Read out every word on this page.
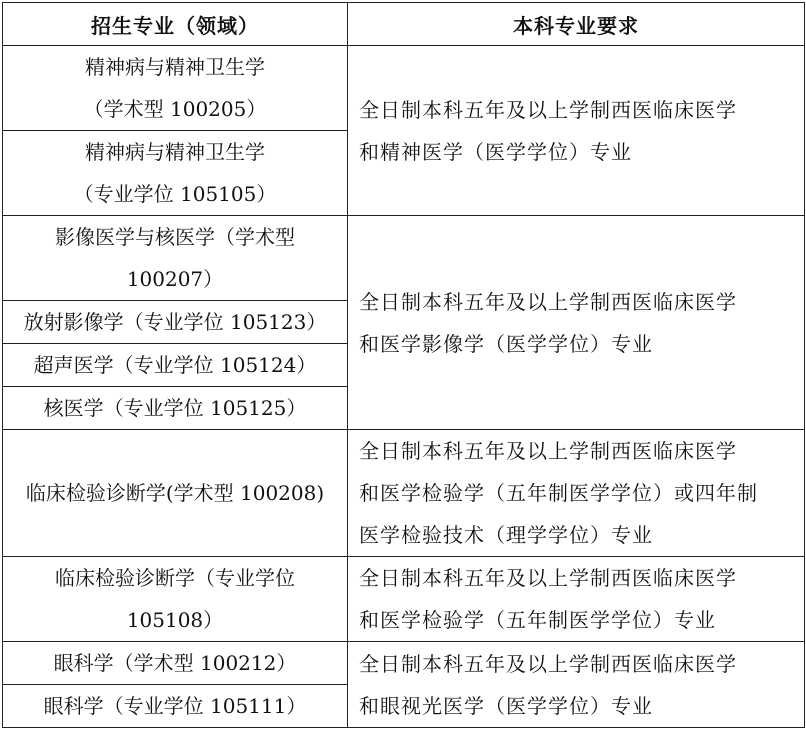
招生专业（领域）	本科专业要求

精神病与精神卫生学
（学术型 100205）	全日制本科五年及以上学制西医临床医学
和精神医学（医学学位）专业

精神病与精神卫生学
（专业学位 105105）	

影像医学与核医学（学术型
100207）	全日制本科五年及以上学制西医临床医学
和医学影像学（医学学位）专业

放射影像学（专业学位 105123）	

超声医学（专业学位 105124）	

核医学（专业学位 105125）	

临床检验诊断学(学术型 100208)	全日制本科五年及以上学制西医临床医学
和医学检验学（五年制医学学位）或四年制
医学检验技术（理学学位）专业

临床检验诊断学（专业学位
105108）	全日制本科五年及以上学制西医临床医学
和医学检验学（五年制医学学位）专业

眼科学（学术型 100212）	全日制本科五年及以上学制西医临床医学
和眼视光医学（医学学位）专业

眼科学（专业学位 105111）	
